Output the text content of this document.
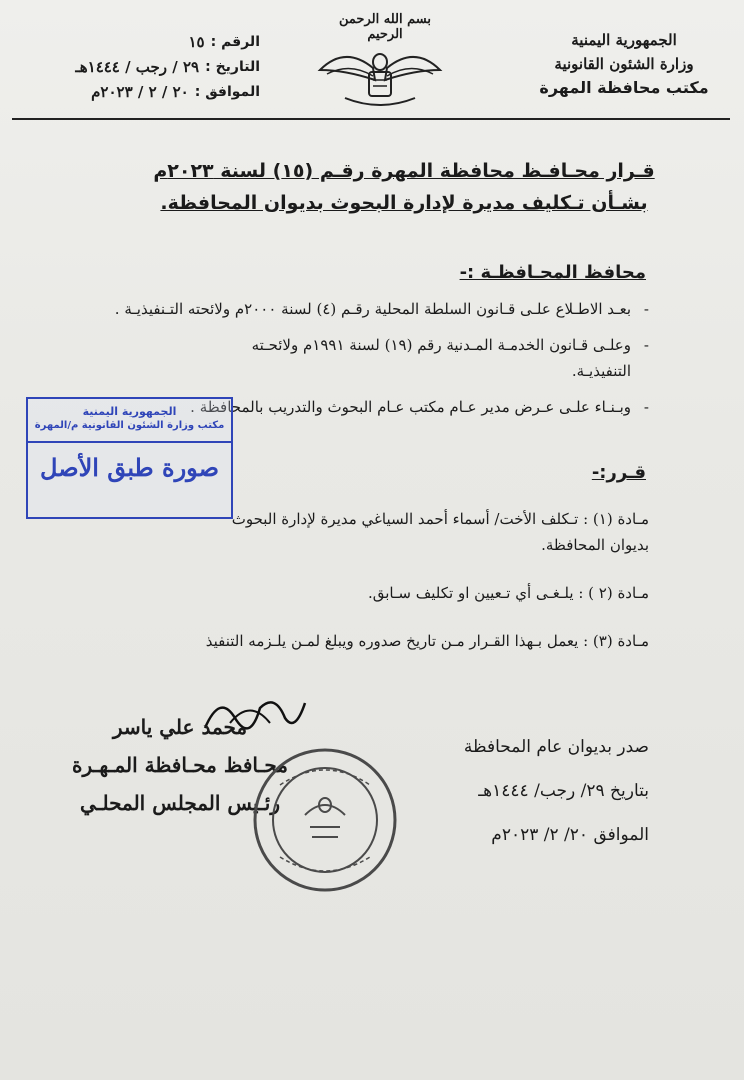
الجمهورية اليمنية
وزارة الشئون القانونية
مكتب محافظة المهرة
بسم الله الرحمن الرحيم
الرقم :
١٥
التاريخ :
٢٩ / رجب / ١٤٤٤هـ
الموافق :
٢٠ / ٢ / ٢٠٢٣م
قـرار محـافـظ محافظة المهرة رقـم (١٥) لسنة ٢٠٢٣م
بشـأن تـكليف مديرة لإدارة البحوث بديوان المحافظة.
محافظ المحـافظـة :-
- بعـد الاطـلاع علـى قـانون السلطة المحلية رقـم (٤) لسنة ٢٠٠٠م ولائحته التـنفيذيـة .
- وعلـى قـانون الخدمـة المـدنية رقم (١٩) لسنة ١٩٩١م ولائحـته التنفيذيـة.
- وبـنـاء علـى عـرض مدير عـام مكتب عـام البحوث والتدريب بالمحافظة .
قـرر:-
مـادة (١) : تـكلف الأخت/ أسماء أحمد السياغي مديرة لإدارة البحوث بديوان المحافظة.
مـادة (٢ ) : يلـغـى أي تـعيين او تكليف سـابق.
مـادة (٣) : يعمل بـهذا القـرار مـن تاريخ صدوره ويبلغ لمـن يلـزمه التنفيذ
الجمهورية اليمنية
مكتب وزارة الشئون القانونية م/المهرة
صورة طبق الأصل
محمد علي ياسر
محـافظ محـافظة المـهـرة
رئـيس المجلس المحلـي
صدر بديوان عام المحافظة
بتاريخ ٢٩/ رجب/ ١٤٤٤هـ
الموافق ٢٠/ ٢/ ٢٠٢٣م
